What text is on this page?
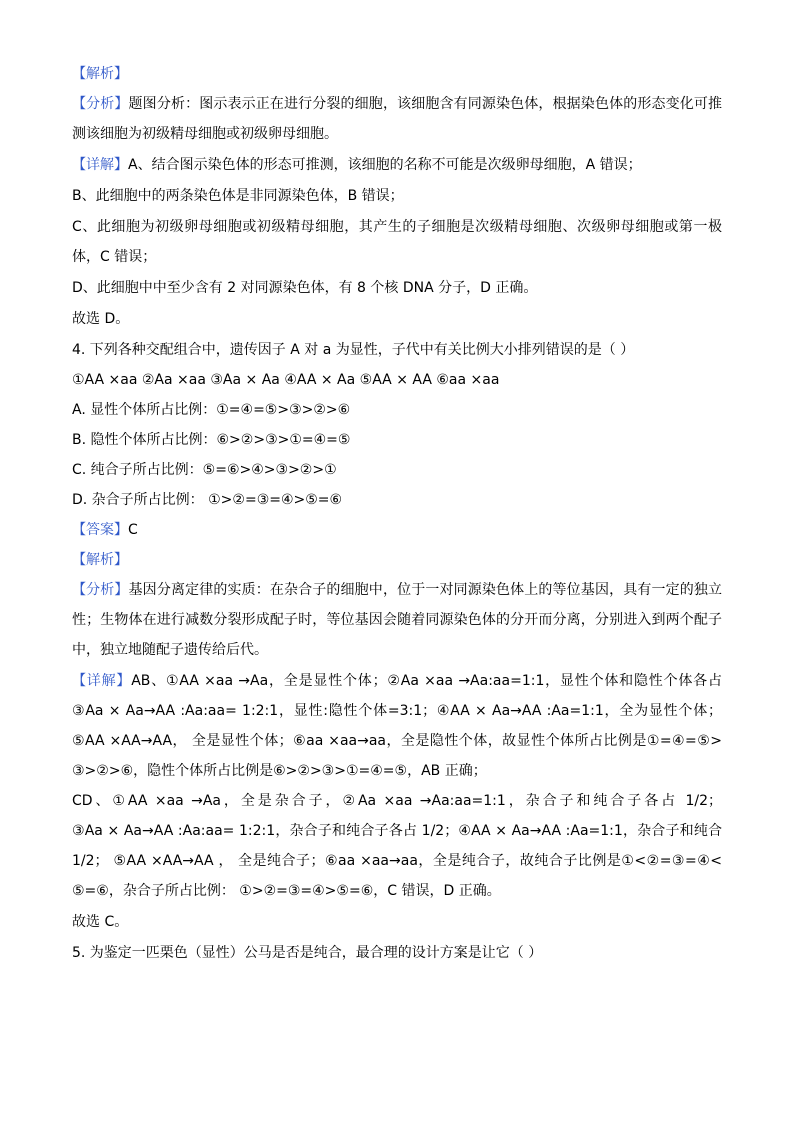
【解析】

【分析】题图分析：图示表示正在进行分裂的细胞，该细胞含有同源染色体，根据染色体的形态变化可推

测该细胞为初级精母细胞或初级卵母细胞。

【详解】A、结合图示染色体的形态可推测，该细胞的名称不可能是次级卵母细胞，A 错误；

B、此细胞中的两条染色体是非同源染色体，B 错误；

C、此细胞为初级卵母细胞或初级精母细胞，其产生的子细胞是次级精母细胞、次级卵母细胞或第一极

体，C 错误；

D、此细胞中中至少含有 2 对同源染色体，有 8 个核 DNA 分子，D 正确。

故选 D。

4. 下列各种交配组合中，遗传因子 A 对 a 为显性，子代中有关比例大小排列错误的是（ ）

①AA ×aa ②Aa ×aa ③Aa × Aa ④AA × Aa ⑤AA × AA ⑥aa ×aa

A. 显性个体所占比例：①=④=⑤>③>②>⑥

B. 隐性个体所占比例：⑥>②>③>①=④=⑤

C. 纯合子所占比例：⑤=⑥>④>③>②>①

D. 杂合子所占比例： ①>②=③=④>⑤=⑥

【答案】C

【解析】

【分析】基因分离定律的实质：在杂合子的细胞中，位于一对同源染色体上的等位基因，具有一定的独立

性；生物体在进行减数分裂形成配子时，等位基因会随着同源染色体的分开而分离，分别进入到两个配子

中，独立地随配子遗传给后代。

【详解】AB、①AA ×aa →Aa，全是显性个体；②Aa ×aa →Aa:aa=1:1，显性个体和隐性个体各占

③Aa × Aa→AA :Aa:aa= 1:2:1，显性:隐性个体=3:1；④AA × Aa→AA :Aa=1:1，全为显性个体；

⑤AA ×AA→AA， 全是显性个体；⑥aa ×aa→aa，全是隐性个体，故显性个体所占比例是①=④=⑤>

③>②>⑥，隐性个体所占比例是⑥>②>③>①=④=⑤，AB 正确；

CD、①AA ×aa →Aa，全是杂合子，②Aa ×aa →Aa:aa=1:1，杂合子和纯合子各占 1/2；

③Aa × Aa→AA :Aa:aa= 1:2:1，杂合子和纯合子各占 1/2；④AA × Aa→AA :Aa=1:1，杂合子和纯合

1/2； ⑤AA ×AA→AA ， 全是纯合子；⑥aa ×aa→aa，全是纯合子，故纯合子比例是①<②=③=④<

⑤=⑥，杂合子所占比例： ①>②=③=④>⑤=⑥，C 错误，D 正确。

故选 C。

5. 为鉴定一匹栗色（显性）公马是否是纯合，最合理的设计方案是让它（ ）
